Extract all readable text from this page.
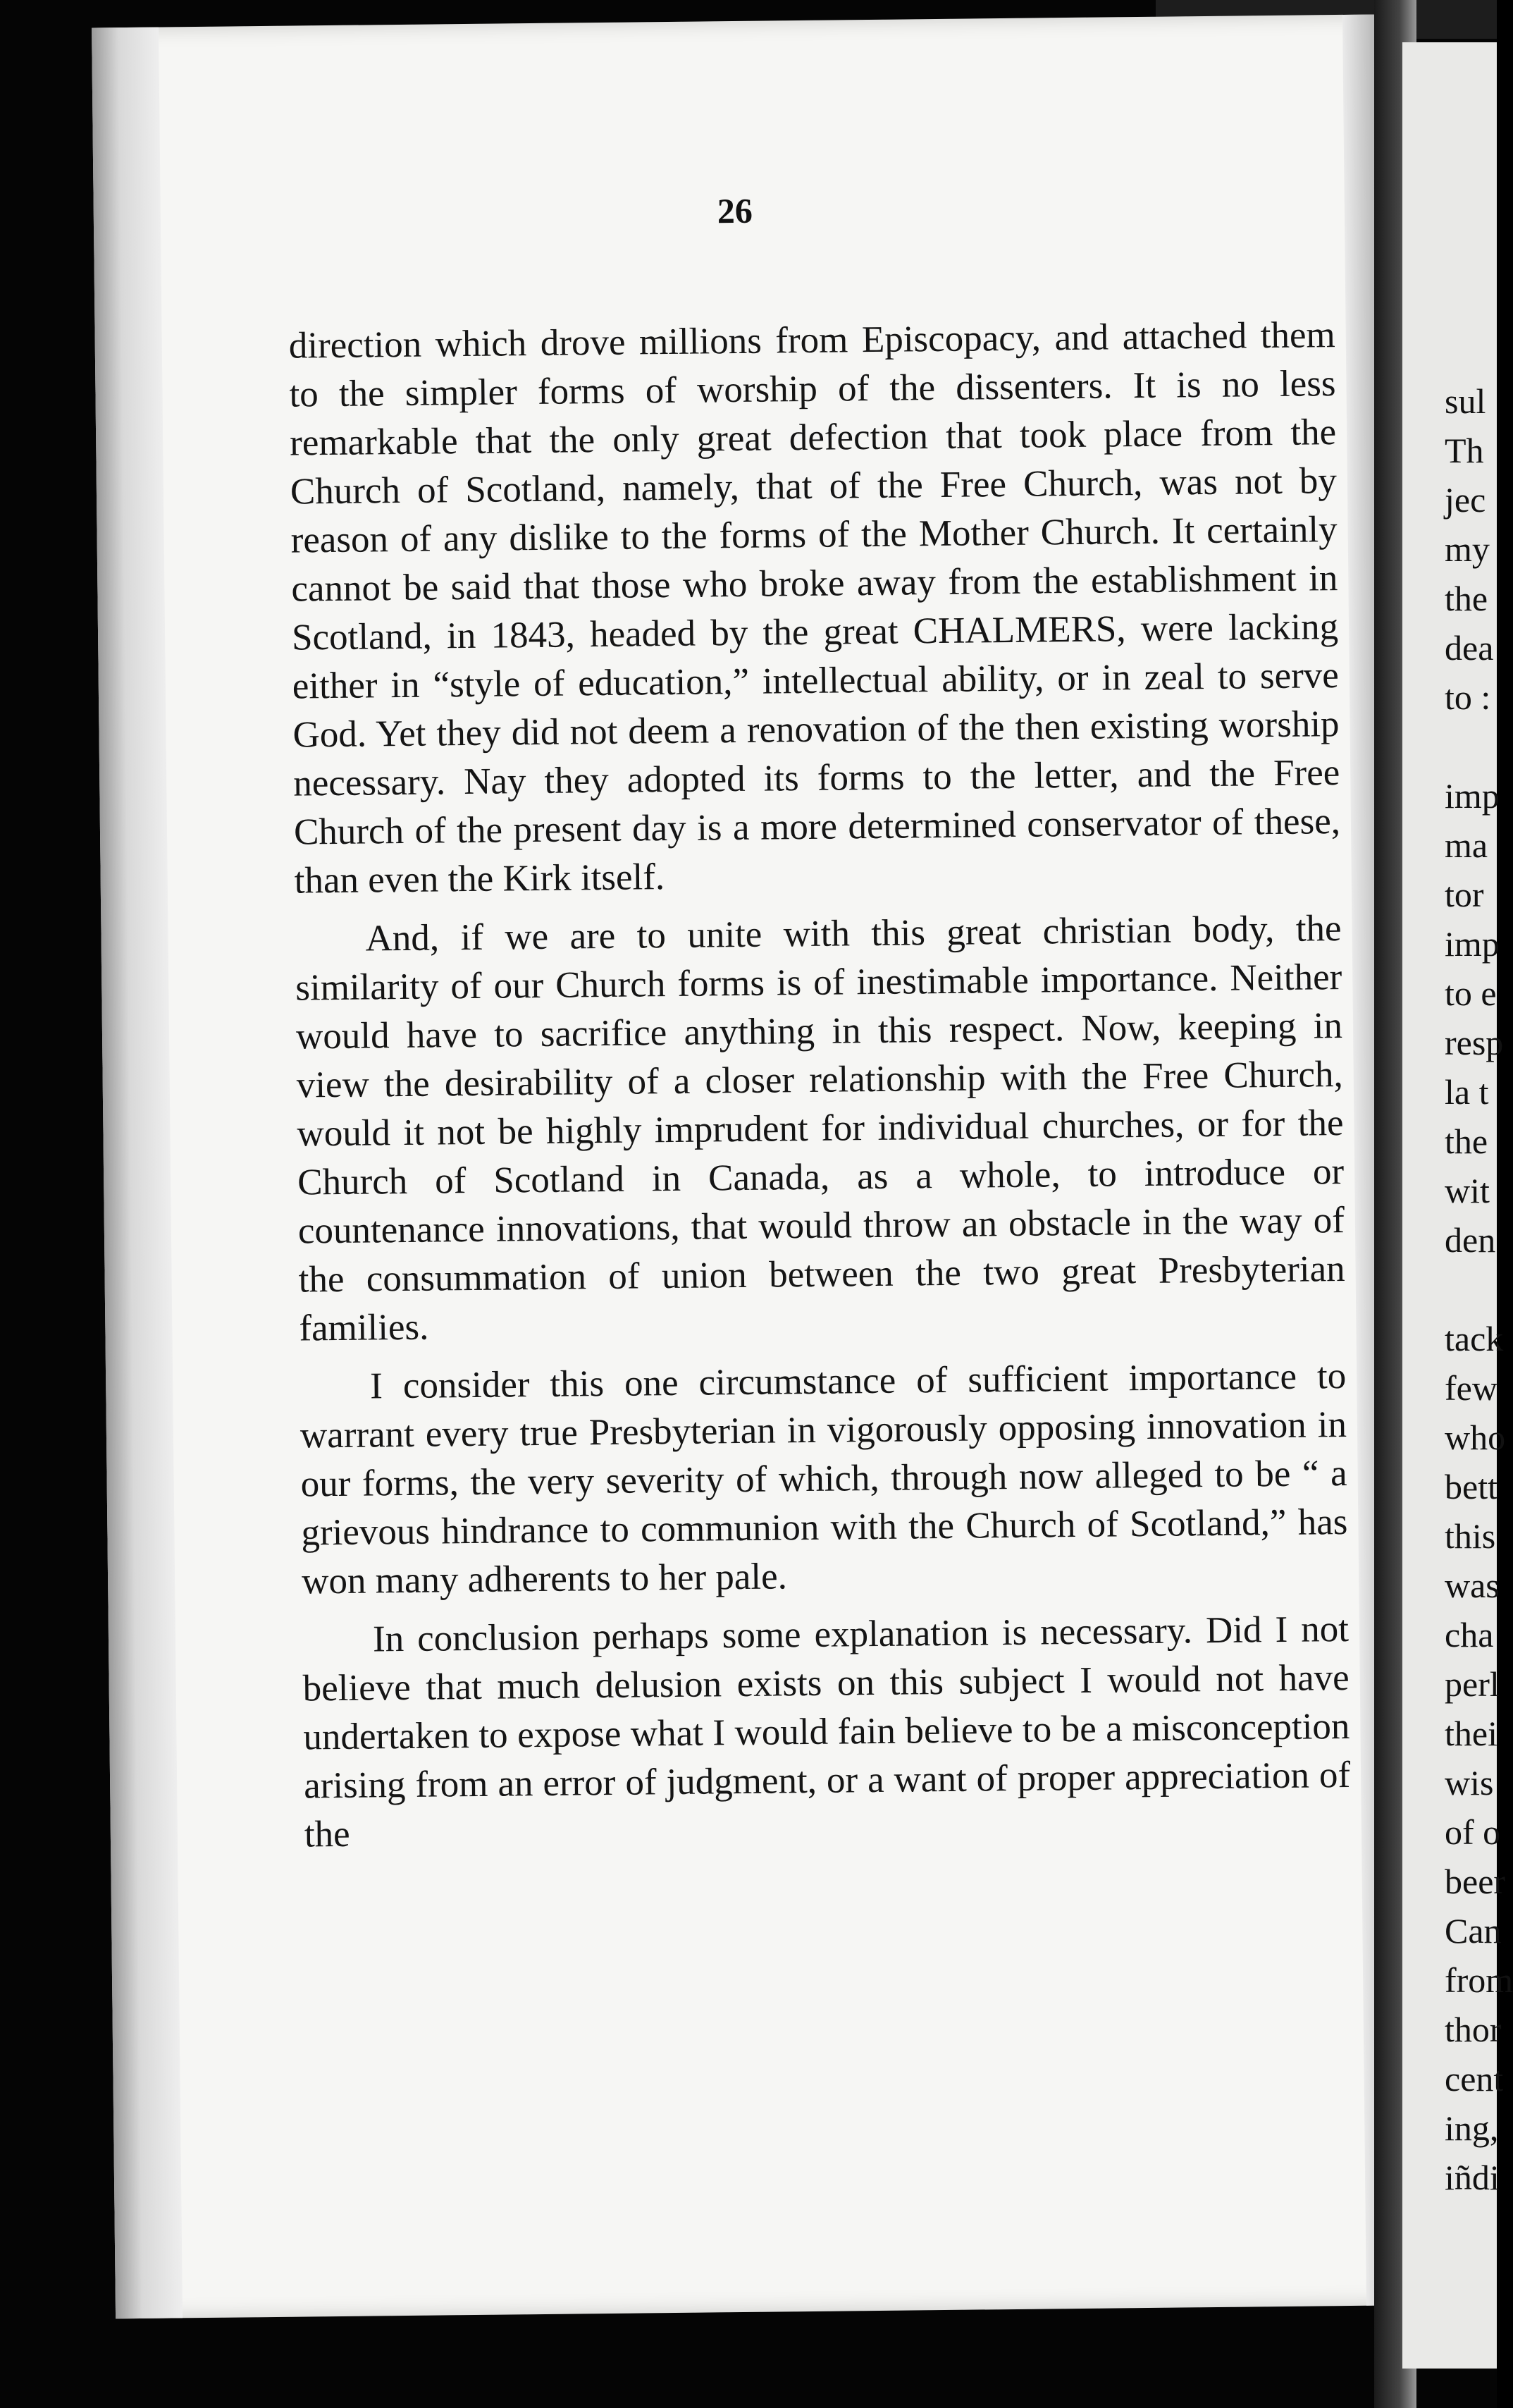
26

direction which drove millions from Episcopacy, and attached them to the simpler forms of worship of the dissenters. It is no less remarkable that the only great defection that took place from the Church of Scotland, namely, that of the Free Church, was not by reason of any dislike to the forms of the Mother Church. It certainly cannot be said that those who broke away from the establishment in Scotland, in 1843, headed by the great CHALMERS, were lacking either in “style of education,” intellectual ability, or in zeal to serve God. Yet they did not deem a renovation of the then existing worship necessary. Nay they adopted its forms to the letter, and the Free Church of the present day is a more determined conservator of these, than even the Kirk itself.

And, if we are to unite with this great christian body, the similarity of our Church forms is of inestimable importance. Neither would have to sacrifice anything in this respect. Now, keeping in view the desirability of a closer relationship with the Free Church, would it not be highly imprudent for individual churches, or for the Church of Scotland in Canada, as a whole, to introduce or countenance innovations, that would throw an obstacle in the way of the consummation of union between the two great Presbyterian families.

I consider this one circumstance of sufficient importance to warrant every true Presbyterian in vigorously opposing innovation in our forms, the very severity of which, through now alleged to be “ a grievous hindrance to communion with the Church of Scotland,” has won many adherents to her pale.

In conclusion perhaps some explanation is necessary. Did I not believe that much delusion exists on this subject I would not have undertaken to expose what I would fain believe to be a misconception arising from an error of judgment, or a want of proper appreciation of the

sul
Th
jec
my
the
dea
to :
imp
ma
tor
imp
to e
resp
la t
the
wit
den
tack
few
who
bett
this
was
cha
perl
thei
wis
of o
beer
Can
from
thor
cent
ing,
iñdi
